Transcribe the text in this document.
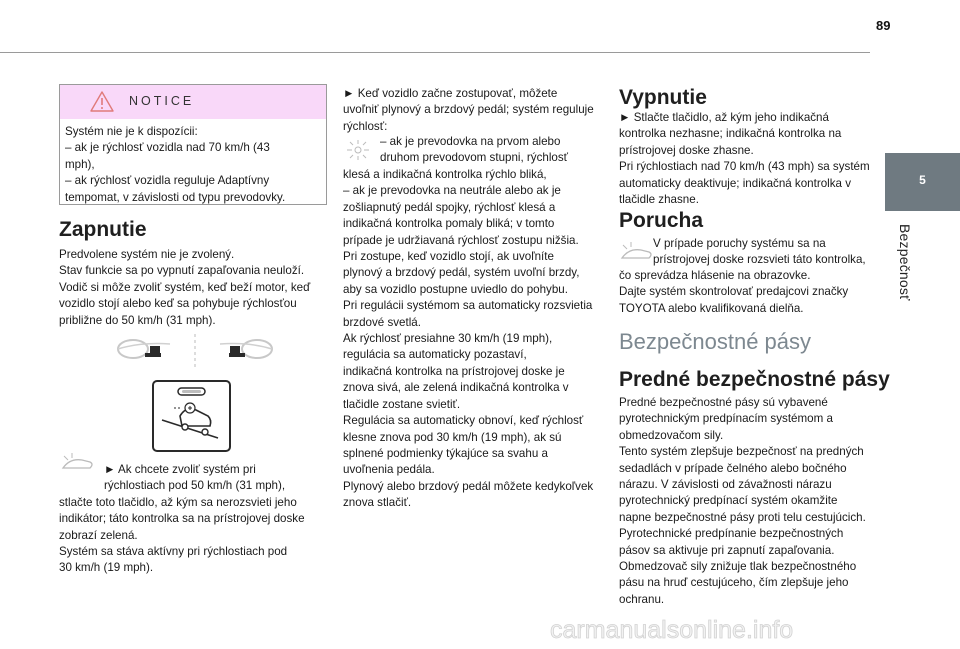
89
5
Bezpečnosť
NOTICE

Systém nie je k dispozícii:

– ak je rýchlosť vozidla nad 70 km/h (43

mph),

– ak rýchlosť vozidla reguluje Adaptívny

tempomat, v závislosti od typu prevodovky.

Zapnutie

Predvolene systém nie je zvolený.

Stav funkcie sa po vypnutí zapaľovania neuloží.

Vodič si môže zvoliť systém, keď beží motor, keď

vozidlo stojí alebo keď sa pohybuje rýchlosťou

približne do 50 km/h (31 mph).

► Ak chcete zvoliť systém pri

rýchlostiach pod 50 km/h (31 mph),

stlačte toto tlačidlo, až kým sa nerozsvieti jeho

indikátor; táto kontrolka sa na prístrojovej doske

zobrazí zelená.

Systém sa stáva aktívny pri rýchlostiach pod

30 km/h (19 mph).

► Keď vozidlo začne zostupovať, môžete

uvoľniť plynový a brzdový pedál; systém reguluje

rýchlosť:

– ak je prevodovka na prvom alebo

druhom prevodovom stupni, rýchlosť

klesá a indikačná kontrolka rýchlo bliká,

– ak je prevodovka na neutrále alebo ak je

zošliapnutý pedál spojky, rýchlosť klesá a

indikačná kontrolka pomaly bliká; v tomto

prípade je udržiavaná rýchlosť zostupu nižšia.

Pri zostupe, keď vozidlo stojí, ak uvoľníte

plynový a brzdový pedál, systém uvoľní brzdy,

aby sa vozidlo postupne uviedlo do pohybu.

Pri regulácii systémom sa automaticky rozsvietia

brzdové svetlá.

Ak rýchlosť presiahne 30 km/h (19 mph),

regulácia sa automaticky pozastaví,

indikačná kontrolka na prístrojovej doske je

znova sivá, ale zelená indikačná kontrolka v

tlačidle zostane svietiť.

Regulácia sa automaticky obnoví, keď rýchlosť

klesne znova pod 30 km/h (19 mph), ak sú

splnené podmienky týkajúce sa svahu a

uvoľnenia pedála.

Plynový alebo brzdový pedál môžete kedykoľvek

znova stlačiť.

Vypnutie

► Stlačte tlačidlo, až kým jeho indikačná

kontrolka nezhasne; indikačná kontrolka na

prístrojovej doske zhasne.

Pri rýchlostiach nad 70 km/h (43 mph) sa systém

automaticky deaktivuje; indikačná kontrolka v

tlačidle zhasne.

Porucha

V prípade poruchy systému sa na

prístrojovej doske rozsvieti táto kontrolka,

čo sprevádza hlásenie na obrazovke.

Dajte systém skontrolovať predajcovi značky

TOYOTA alebo kvalifikovaná dielňa.

Bezpečnostné pásy
Predné bezpečnostné pásy

Predné bezpečnostné pásy sú vybavené

pyrotechnickým predpínacím systémom a

obmedzovačom sily.

Tento systém zlepšuje bezpečnosť na predných

sedadlách v prípade čelného alebo bočného

nárazu. V závislosti od závažnosti nárazu

pyrotechnický predpínací systém okamžite

napne bezpečnostné pásy proti telu cestujúcich.

Pyrotechnické predpínanie bezpečnostných

pásov sa aktivuje pri zapnutí zapaľovania.

Obmedzovač sily znižuje tlak bezpečnostného

pásu na hruď cestujúceho, čím zlepšuje jeho

ochranu.

carmanualsonline.info
